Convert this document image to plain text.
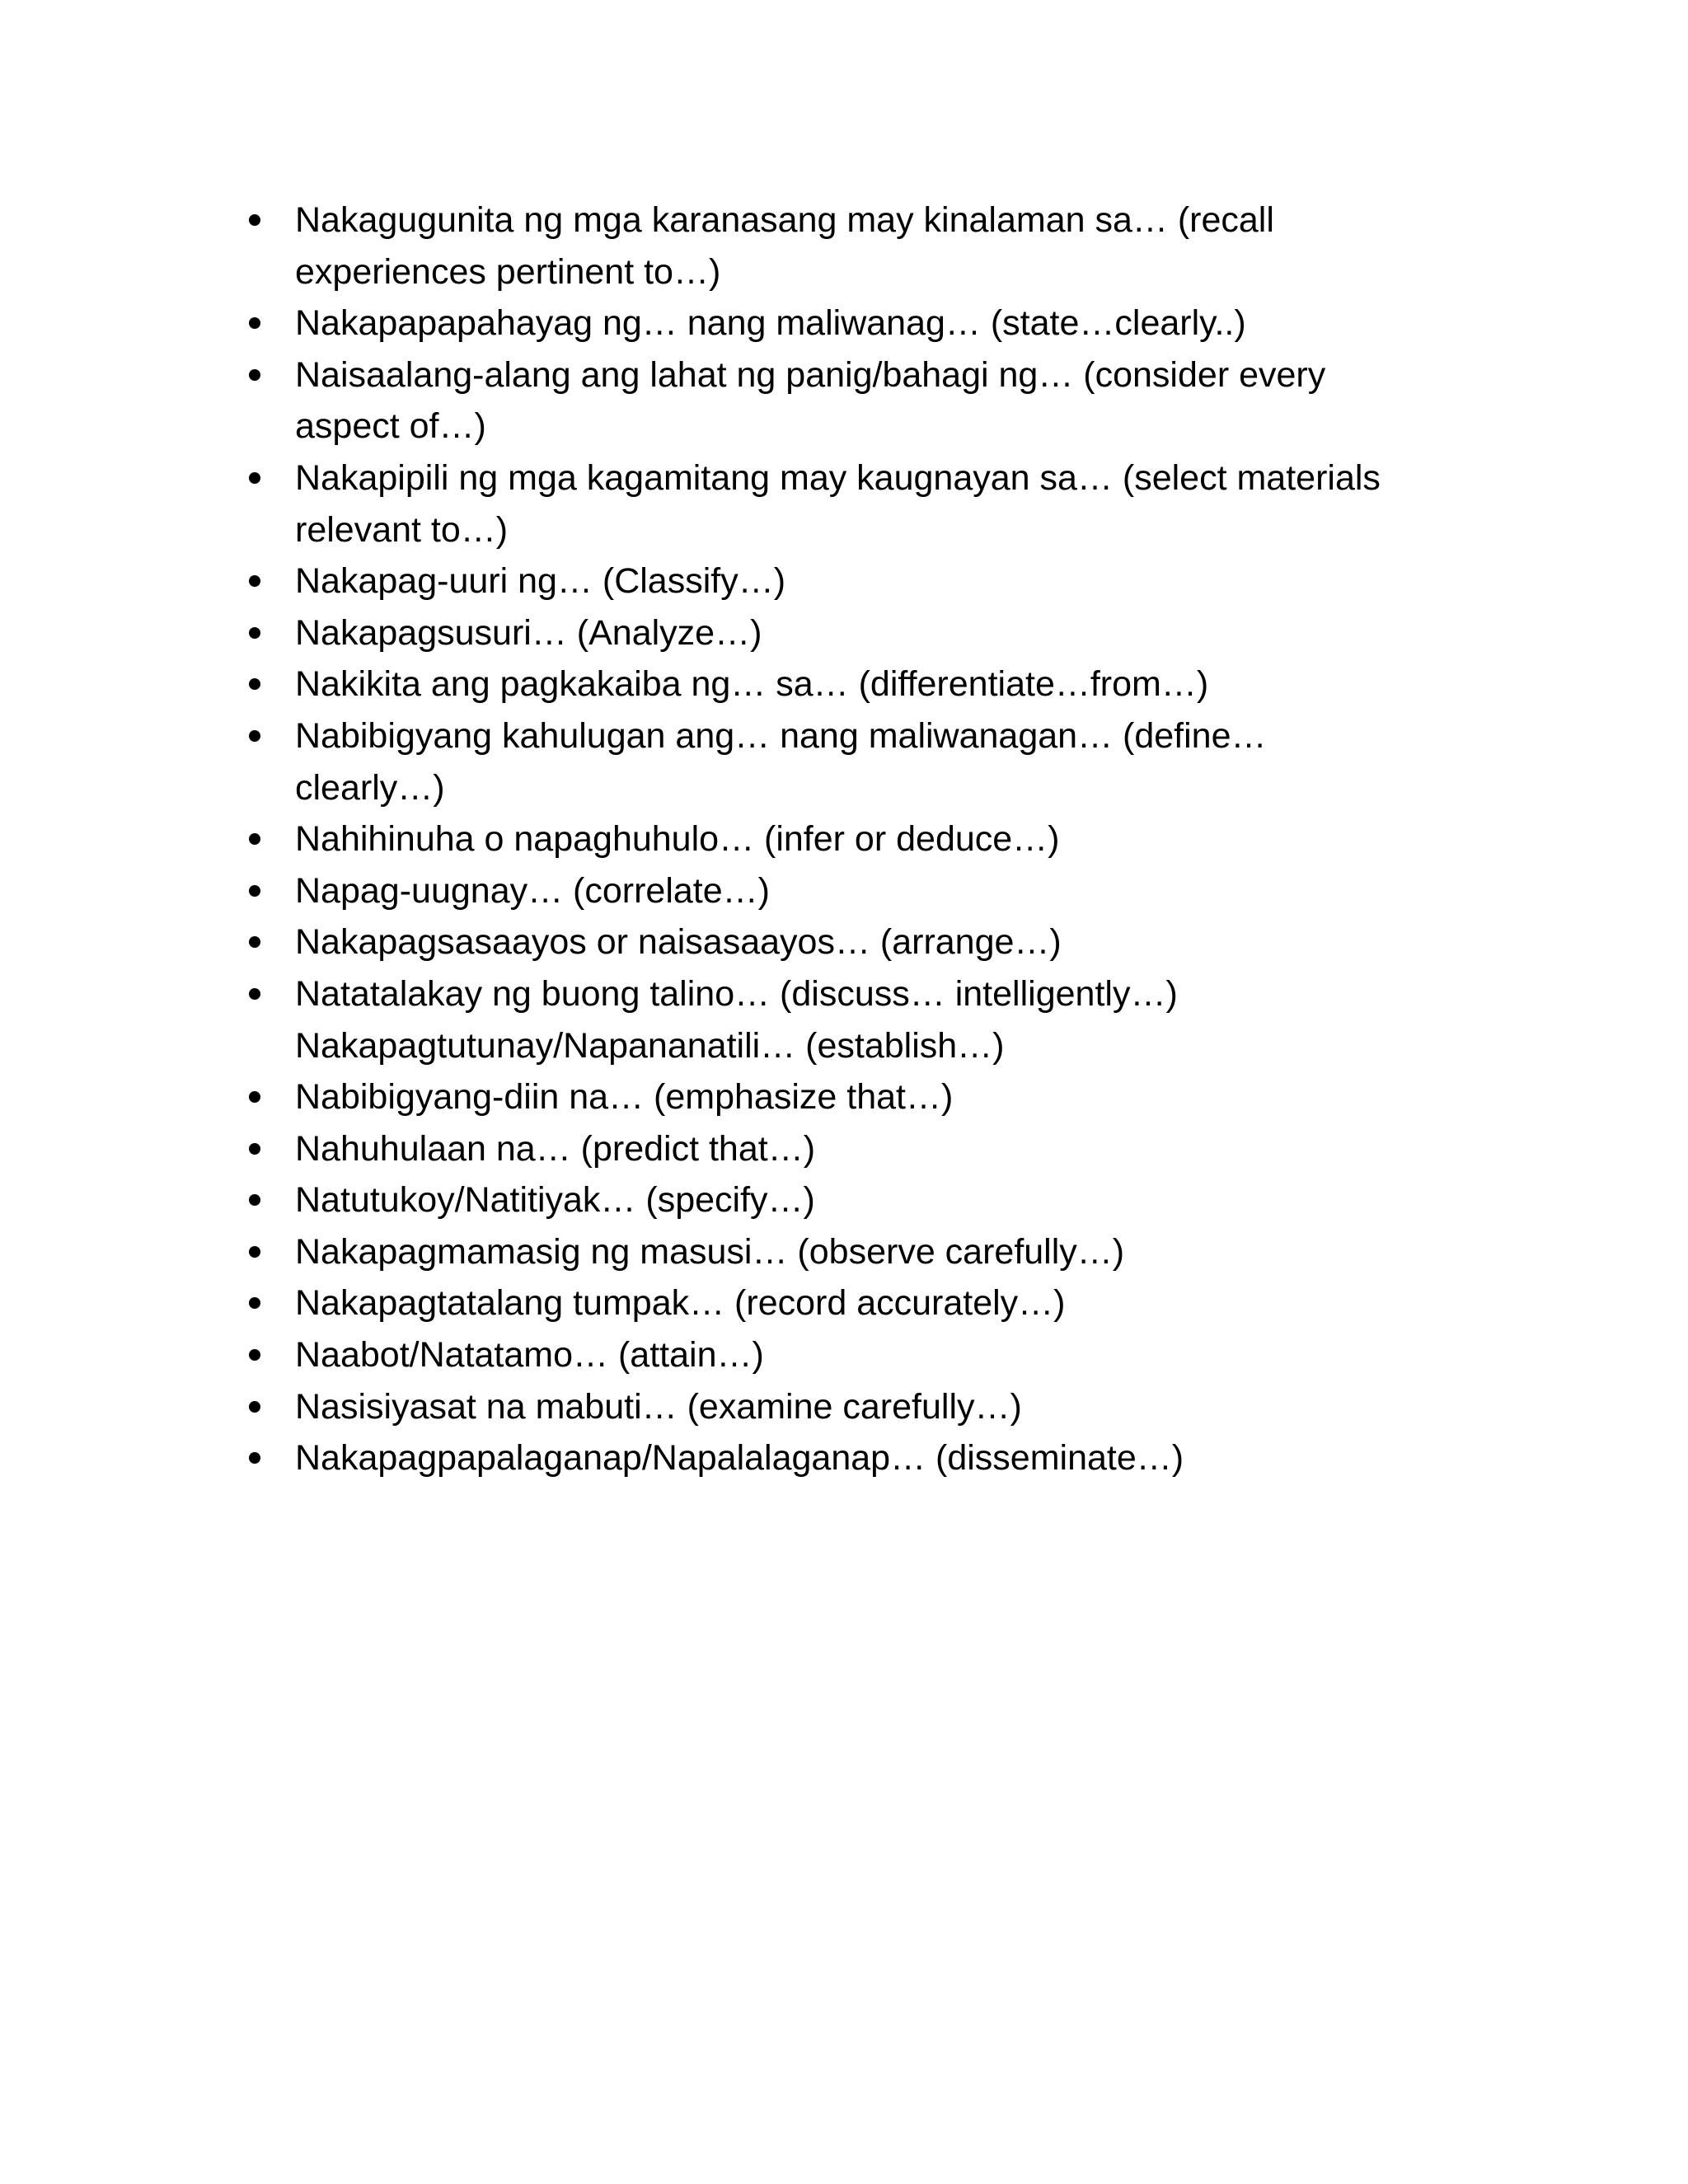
Nakagugunita ng mga karanasang may kinalaman sa… (recall
experiences pertinent to…)
Nakapapapahayag ng… nang maliwanag… (state…clearly..)
Naisaalang-alang ang lahat ng panig/bahagi ng… (consider every
aspect of…)
Nakapipili ng mga kagamitang may kaugnayan sa… (select materials
relevant to…)
Nakapag-uuri ng… (Classify…)
Nakapagsusuri… (Analyze…)
Nakikita ang pagkakaiba ng… sa… (differentiate…from…)
Nabibigyang kahulugan ang… nang maliwanagan… (define…
clearly…)
Nahihinuha o napaghuhulo… (infer or deduce…)
Napag-uugnay… (correlate…)
Nakapagsasaayos or naisasaayos… (arrange…)
Natatalakay ng buong talino… (discuss… intelligently…)
Nakapagtutunay/Napananatili… (establish…)
Nabibigyang-diin na… (emphasize that…)
Nahuhulaan na… (predict that…)
Natutukoy/Natitiyak… (specify…)
Nakapagmamasig ng masusi… (observe carefully…)
Nakapagtatalang tumpak… (record accurately…)
Naabot/Natatamo… (attain…)
Nasisiyasat na mabuti… (examine carefully…)
Nakapagpapalaganap/Napalalaganap… (disseminate…)
